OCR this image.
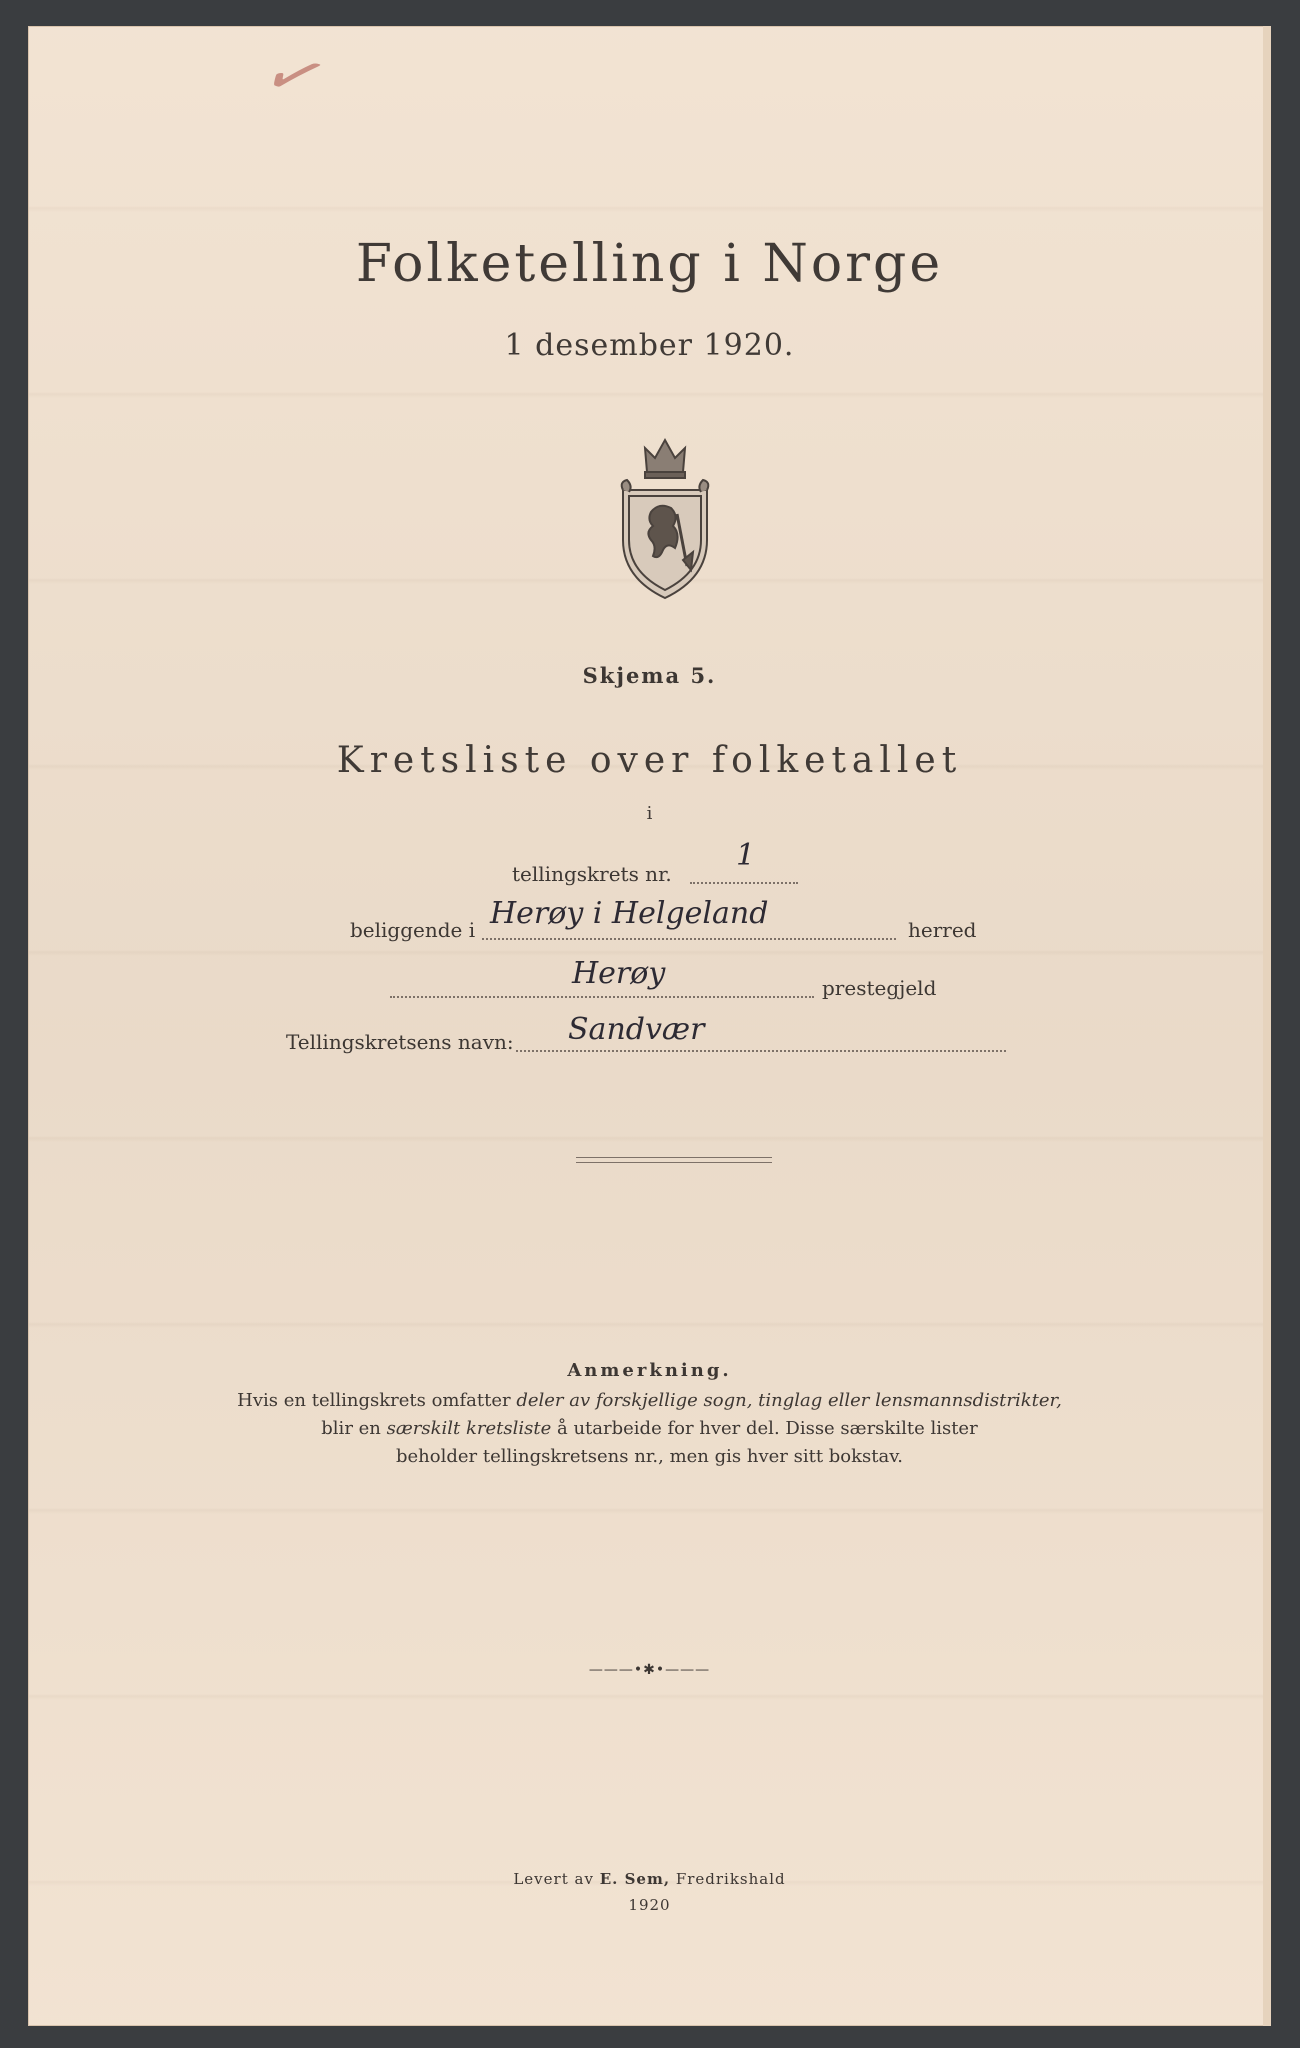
✓
Folketelling i Norge
1 desember 1920.
Skjema 5.
Kretsliste over folketallet
i
tellingskrets nr.
1
beliggende i Herøy i Helgeland	herred
Herøy	prestegjeld
Tellingskretsens navn: Sandvær
Anmerkning.
Hvis en tellingskrets omfatter deler av forskjellige sogn, tinglag eller lensmannsdistrikter,
blir en særskilt kretsliste å utarbeide for hver del. Disse særskilte lister
beholder tellingskretsens nr., men gis hver sitt bokstav.
———•✱•———
Levert av E. Sem, Fredrikshald
1920
